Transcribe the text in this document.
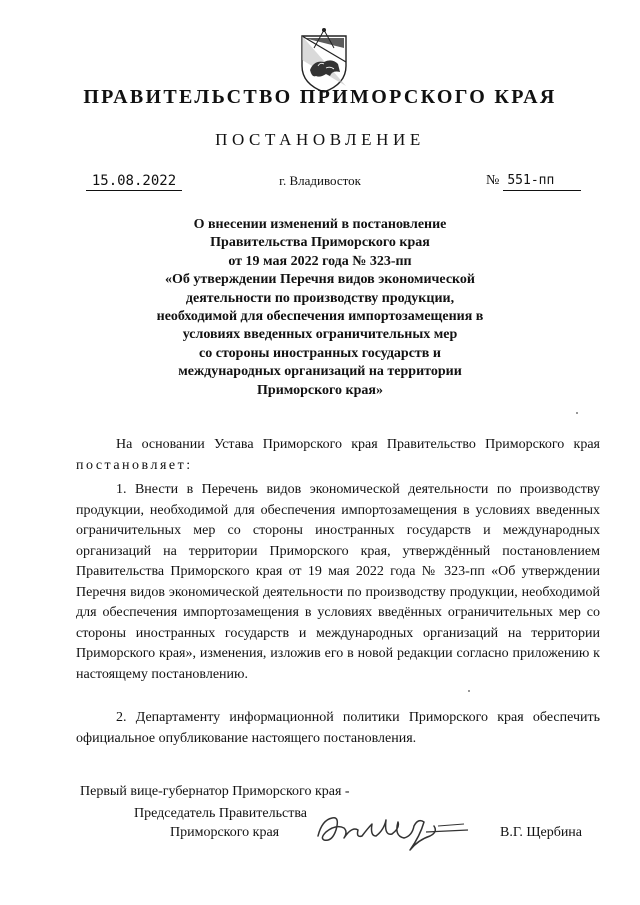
ПРАВИТЕЛЬСТВО ПРИМОРСКОГО КРАЯ
ПОСТАНОВЛЕНИЕ
15.08.2022	г. Владивосток	№ 551-пп
О внесении изменений в постановление
Правительства Приморского края
от 19 мая 2022 года № 323-пп
«Об утверждении Перечня видов экономической
деятельности по производству продукции,
необходимой для обеспечения импортозамещения в
условиях введенных ограничительных мер
со стороны иностранных государств и
международных организаций на территории
Приморского края»
На основании Устава Приморского края Правительство Приморского края постановляет:
1. Внести в Перечень видов экономической деятельности по производству продукции, необходимой для обеспечения импортозамещения в условиях введенных ограничительных мер со стороны иностранных государств и международных организаций на территории Приморского края, утверждённый постановлением Правительства Приморского края от 19 мая 2022 года № 323-пп «Об утверждении Перечня видов экономической деятельности по производству продукции, необходимой для обеспечения импортозамещения в условиях введённых ограничительных мер со стороны иностранных государств и международных организаций на территории Приморского края», изменения, изложив его в новой редакции согласно приложению к настоящему постановлению.
2. Департаменту информационной политики Приморского края обеспечить официальное опубликование настоящего постановления.
Первый вице-губернатор Приморского края -
Председатель Правительства
Приморского края	В.Г. Щербина
